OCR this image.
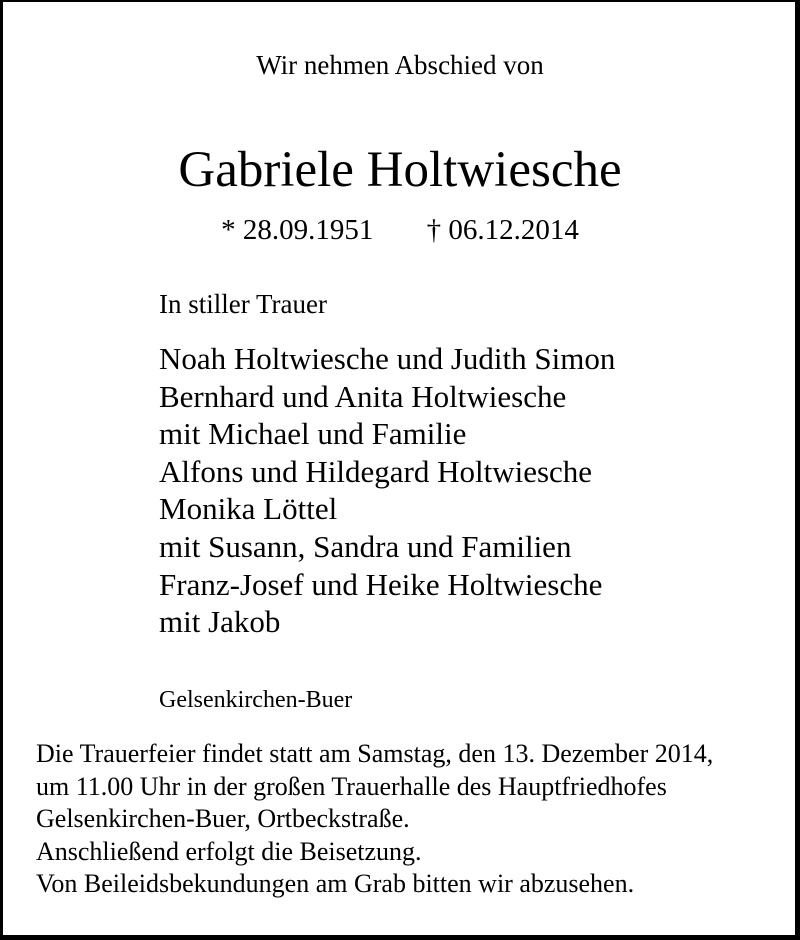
Wir nehmen Abschied von
Gabriele Holtwiesche
* 28.09.1951 † 06.12.2014
In stiller Trauer
Noah Holtwiesche und Judith Simon
Bernhard und Anita Holtwiesche
mit Michael und Familie
Alfons und Hildegard Holtwiesche
Monika Löttel
mit Susann, Sandra und Familien
Franz-Josef und Heike Holtwiesche
mit Jakob
Gelsenkirchen-Buer
Die Trauerfeier findet statt am Samstag, den 13. Dezember 2014,
um 11.00 Uhr in der großen Trauerhalle des Hauptfriedhofes
Gelsenkirchen-Buer, Ortbeckstraße.
Anschließend erfolgt die Beisetzung.
Von Beileidsbekundungen am Grab bitten wir abzusehen.
